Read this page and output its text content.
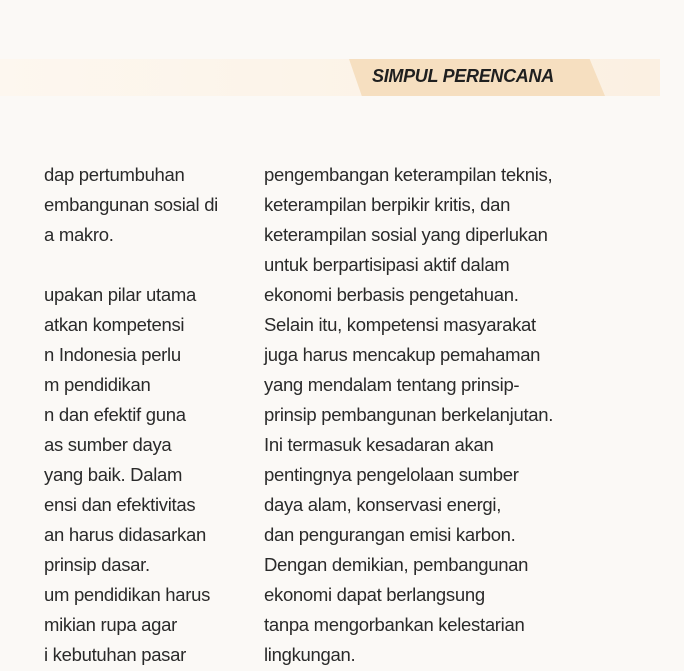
SIMPUL PERENCANA
dap pertumbuhan
embangunan sosial di
a makro.
upakan pilar utama
atkan kompetensi
n Indonesia perlu
m pendidikan
n dan efektif guna
as sumber daya
yang baik. Dalam
ensi dan efektivitas
an harus didasarkan
prinsip dasar.
um pendidikan harus
mikian rupa agar
i kebutuhan pasar
pengembangan keterampilan teknis,
keterampilan berpikir kritis, dan
keterampilan sosial yang diperlukan
untuk berpartisipasi aktif dalam
ekonomi berbasis pengetahuan.
Selain itu, kompetensi masyarakat
juga harus mencakup pemahaman
yang mendalam tentang prinsip-
prinsip pembangunan berkelanjutan.
Ini termasuk kesadaran akan
pentingnya pengelolaan sumber
daya alam, konservasi energi,
dan pengurangan emisi karbon.
Dengan demikian, pembangunan
ekonomi dapat berlangsung
tanpa mengorbankan kelestarian
lingkungan.
